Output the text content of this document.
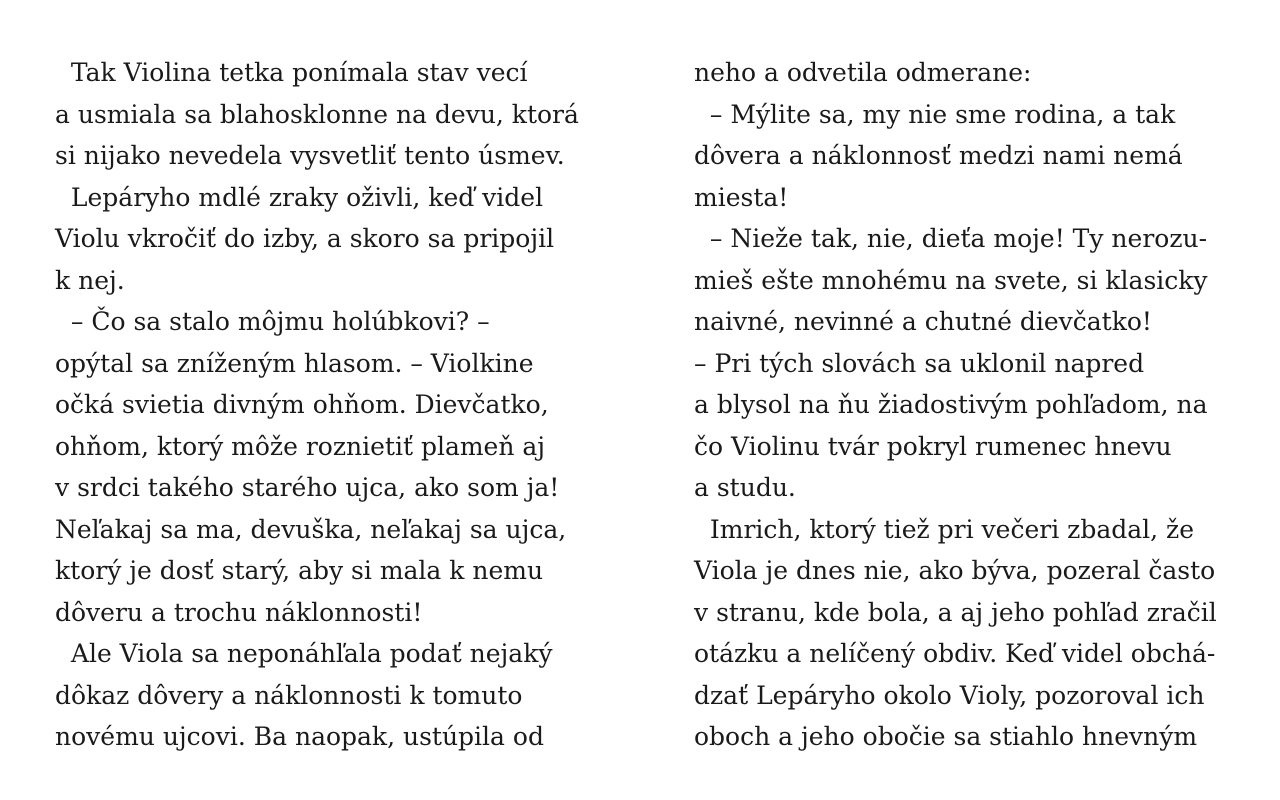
Tak Violina tetka ponímala stav vecí
a usmiala sa blahosklonne na devu, ktorá
si nijako nevedela vysvetliť tento úsmev.
Lepáryho mdlé zraky oživli, keď videl
Violu vkročiť do izby, a skoro sa pripojil
k nej.
– Čo sa stalo môjmu holúbkovi? –
opýtal sa zníženým hlasom. – Violkine
očká svietia divným ohňom. Dievčatko,
ohňom, ktorý môže roznietiť plameň aj
v srdci takého starého ujca, ako som ja!
Neľakaj sa ma, devuška, neľakaj sa ujca,
ktorý je dosť starý, aby si mala k nemu
dôveru a trochu náklonnosti!
Ale Viola sa neponáhľala podať nejaký
dôkaz dôvery a náklonnosti k tomuto
novému ujcovi. Ba naopak, ustúpila od
neho a odvetila odmerane:
– Mýlite sa, my nie sme rodina, a tak
dôvera a náklonnosť medzi nami nemá
miesta!
– Nieže tak, nie, dieťa moje! Ty nerozu-
mieš ešte mnohému na svete, si klasicky
naivné, nevinné a chutné dievčatko!
– Pri tých slovách sa uklonil napred
a blysol na ňu žiadostivým pohľadom, na
čo Violinu tvár pokryl rumenec hnevu
a studu.
Imrich, ktorý tiež pri večeri zbadal, že
Viola je dnes nie, ako býva, pozeral často
v stranu, kde bola, a aj jeho pohľad zračil
otázku a nelíčený obdiv. Keď videl obchá-
dzať Lepáryho okolo Violy, pozoroval ich
oboch a jeho obočie sa stiahlo hnevným
